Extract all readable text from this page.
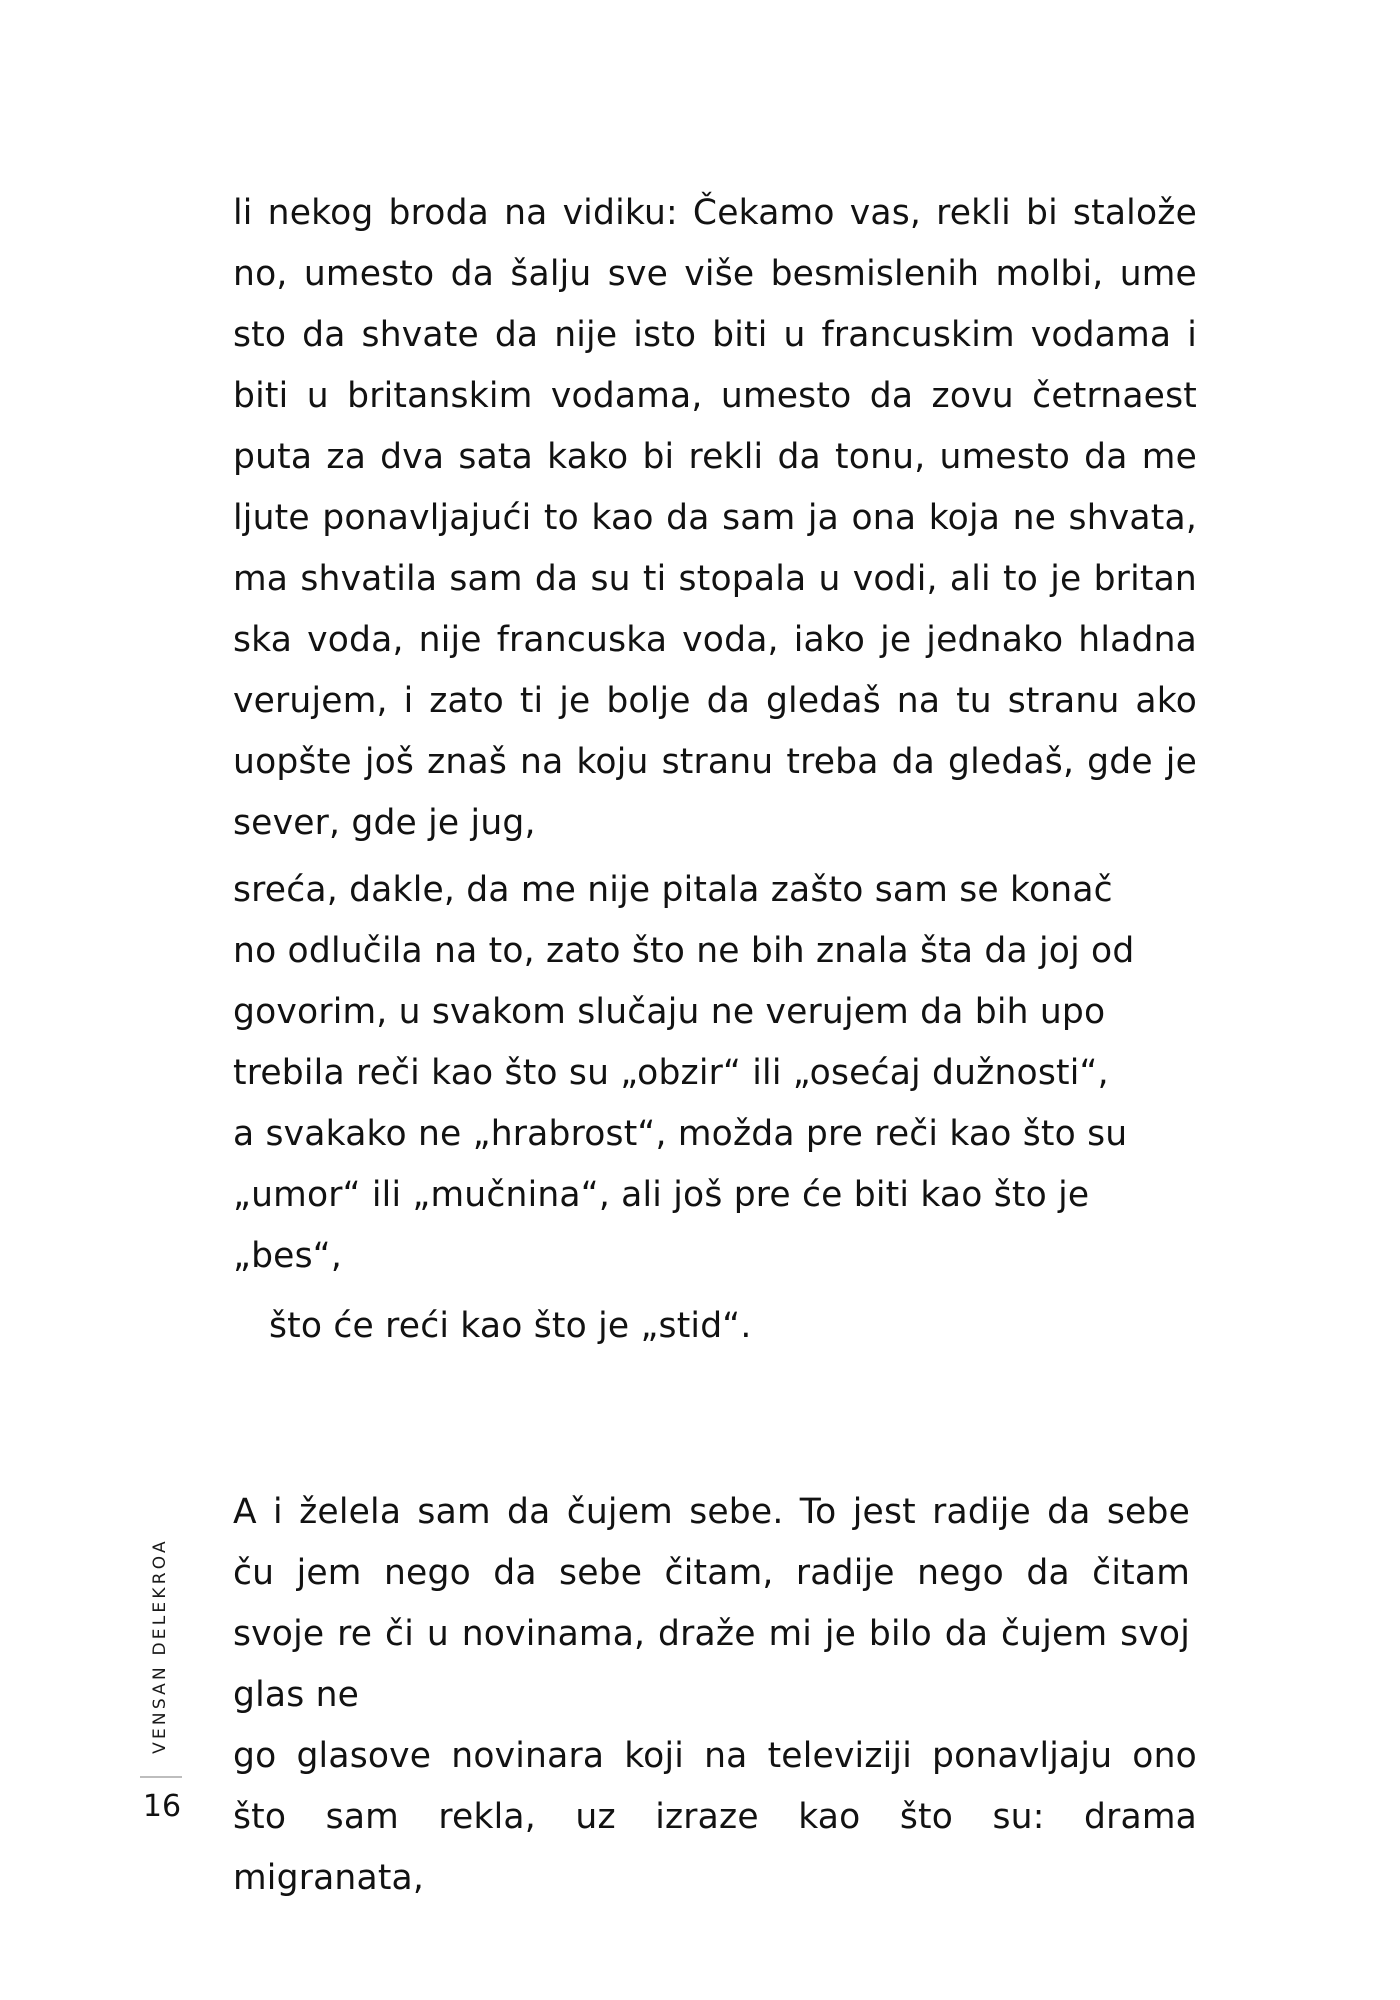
li nekog broda na vidiku: Čekamo vas, rekli bi stalože
no, umesto da šalju sve više besmislenih molbi, ume
sto da shvate da nije isto biti u francuskim vodama i
biti u britanskim vodama, umesto da zovu četrnaest
puta za dva sata kako bi rekli da tonu, umesto da me
ljute ponavljajući to kao da sam ja ona koja ne shvata,
ma shvatila sam da su ti stopala u vodi, ali to je britan
ska voda, nije francuska voda, iako je jednako hladna
verujem, i zato ti je bolje da gledaš na tu stranu ako
uopšte još znaš na koju stranu treba da gledaš, gde je
sever, gde je jug,
sreća, dakle, da me nije pitala zašto sam se konač
no odlučila na to, zato što ne bih znala šta da joj od
govorim, u svakom slučaju ne verujem da bih upo
trebila reči kao što su „obzir“ ili „osećaj dužnosti“,
a svakako ne „hrabrost“, možda pre reči kao što su
„umor“ ili „mučnina“, ali još pre će biti kao što je
„bes“,
što će reći kao što je „stid“.
A i želela sam da čujem sebe. To jest radije da sebe
ču jem nego da sebe čitam, radije nego da čitam
svoje re či u novinama, draže mi je bilo da čujem svoj
glas ne
go glasove novinara koji na televiziji ponavljaju ono
što sam rekla, uz izraze kao što su: drama
migranata,
VENSAN DELEKROA
16
